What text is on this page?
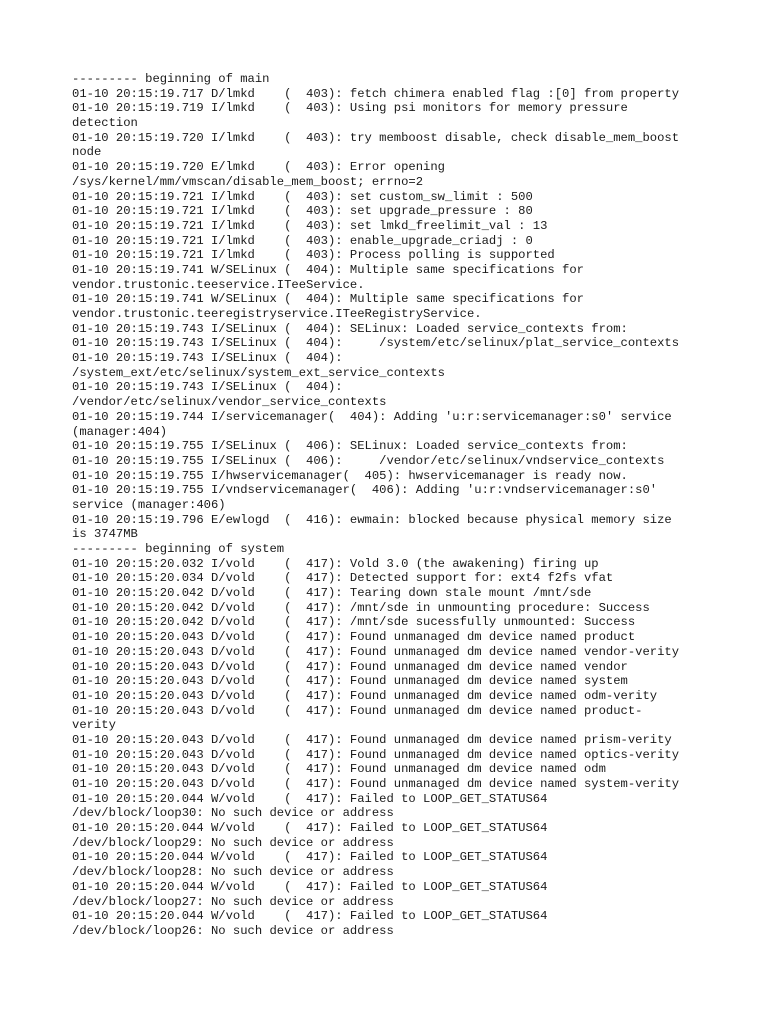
--------- beginning of main
01-10 20:15:19.717 D/lmkd    (  403): fetch chimera enabled flag :[0] from property
01-10 20:15:19.719 I/lmkd    (  403): Using psi monitors for memory pressure
detection
01-10 20:15:19.720 I/lmkd    (  403): try memboost disable, check disable_mem_boost
node
01-10 20:15:19.720 E/lmkd    (  403): Error opening
/sys/kernel/mm/vmscan/disable_mem_boost; errno=2
01-10 20:15:19.721 I/lmkd    (  403): set custom_sw_limit : 500
01-10 20:15:19.721 I/lmkd    (  403): set upgrade_pressure : 80
01-10 20:15:19.721 I/lmkd    (  403): set lmkd_freelimit_val : 13
01-10 20:15:19.721 I/lmkd    (  403): enable_upgrade_criadj : 0
01-10 20:15:19.721 I/lmkd    (  403): Process polling is supported
01-10 20:15:19.741 W/SELinux (  404): Multiple same specifications for
vendor.trustonic.teeservice.ITeeService.
01-10 20:15:19.741 W/SELinux (  404): Multiple same specifications for
vendor.trustonic.teeregistryservice.ITeeRegistryService.
01-10 20:15:19.743 I/SELinux (  404): SELinux: Loaded service_contexts from:
01-10 20:15:19.743 I/SELinux (  404):     /system/etc/selinux/plat_service_contexts
01-10 20:15:19.743 I/SELinux (  404):
/system_ext/etc/selinux/system_ext_service_contexts
01-10 20:15:19.743 I/SELinux (  404):
/vendor/etc/selinux/vendor_service_contexts
01-10 20:15:19.744 I/servicemanager(  404): Adding 'u:r:servicemanager:s0' service
(manager:404)
01-10 20:15:19.755 I/SELinux (  406): SELinux: Loaded service_contexts from:
01-10 20:15:19.755 I/SELinux (  406):     /vendor/etc/selinux/vndservice_contexts
01-10 20:15:19.755 I/hwservicemanager(  405): hwservicemanager is ready now.
01-10 20:15:19.755 I/vndservicemanager(  406): Adding 'u:r:vndservicemanager:s0'
service (manager:406)
01-10 20:15:19.796 E/ewlogd  (  416): ewmain: blocked because physical memory size
is 3747MB
--------- beginning of system
01-10 20:15:20.032 I/vold    (  417): Vold 3.0 (the awakening) firing up
01-10 20:15:20.034 D/vold    (  417): Detected support for: ext4 f2fs vfat
01-10 20:15:20.042 D/vold    (  417): Tearing down stale mount /mnt/sde
01-10 20:15:20.042 D/vold    (  417): /mnt/sde in unmounting procedure: Success
01-10 20:15:20.042 D/vold    (  417): /mnt/sde sucessfully unmounted: Success
01-10 20:15:20.043 D/vold    (  417): Found unmanaged dm device named product
01-10 20:15:20.043 D/vold    (  417): Found unmanaged dm device named vendor-verity
01-10 20:15:20.043 D/vold    (  417): Found unmanaged dm device named vendor
01-10 20:15:20.043 D/vold    (  417): Found unmanaged dm device named system
01-10 20:15:20.043 D/vold    (  417): Found unmanaged dm device named odm-verity
01-10 20:15:20.043 D/vold    (  417): Found unmanaged dm device named product-
verity
01-10 20:15:20.043 D/vold    (  417): Found unmanaged dm device named prism-verity
01-10 20:15:20.043 D/vold    (  417): Found unmanaged dm device named optics-verity
01-10 20:15:20.043 D/vold    (  417): Found unmanaged dm device named odm
01-10 20:15:20.043 D/vold    (  417): Found unmanaged dm device named system-verity
01-10 20:15:20.044 W/vold    (  417): Failed to LOOP_GET_STATUS64
/dev/block/loop30: No such device or address
01-10 20:15:20.044 W/vold    (  417): Failed to LOOP_GET_STATUS64
/dev/block/loop29: No such device or address
01-10 20:15:20.044 W/vold    (  417): Failed to LOOP_GET_STATUS64
/dev/block/loop28: No such device or address
01-10 20:15:20.044 W/vold    (  417): Failed to LOOP_GET_STATUS64
/dev/block/loop27: No such device or address
01-10 20:15:20.044 W/vold    (  417): Failed to LOOP_GET_STATUS64
/dev/block/loop26: No such device or address
